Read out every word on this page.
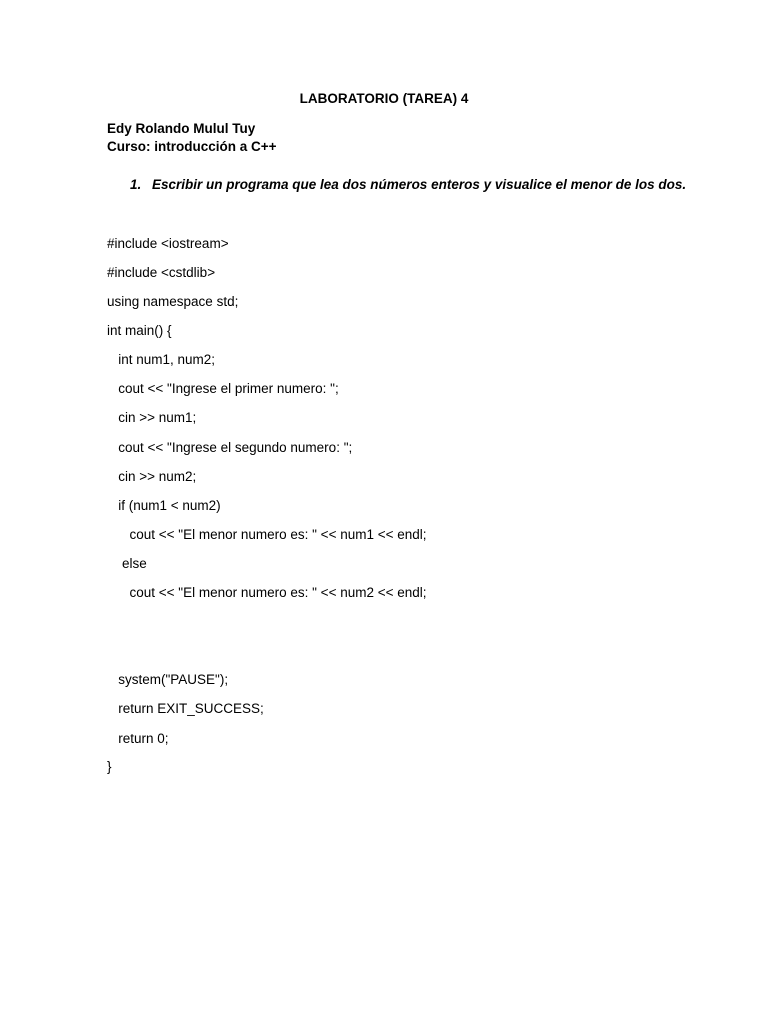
LABORATORIO (TAREA) 4
Edy Rolando Mulul Tuy
Curso: introducción a C++
1. Escribir un programa que lea dos números enteros y visualice el menor de los dos.
#include <iostream>
#include <cstdlib>
using namespace std;
int main() {
int num1, num2;
cout << "Ingrese el primer numero: ";
cin >> num1;
cout << "Ingrese el segundo numero: ";
cin >> num2;
if (num1 < num2)
cout << "El menor numero es: " << num1 << endl;
else
cout << "El menor numero es: " << num2 << endl;
system("PAUSE");
return EXIT_SUCCESS;
return 0;
}
